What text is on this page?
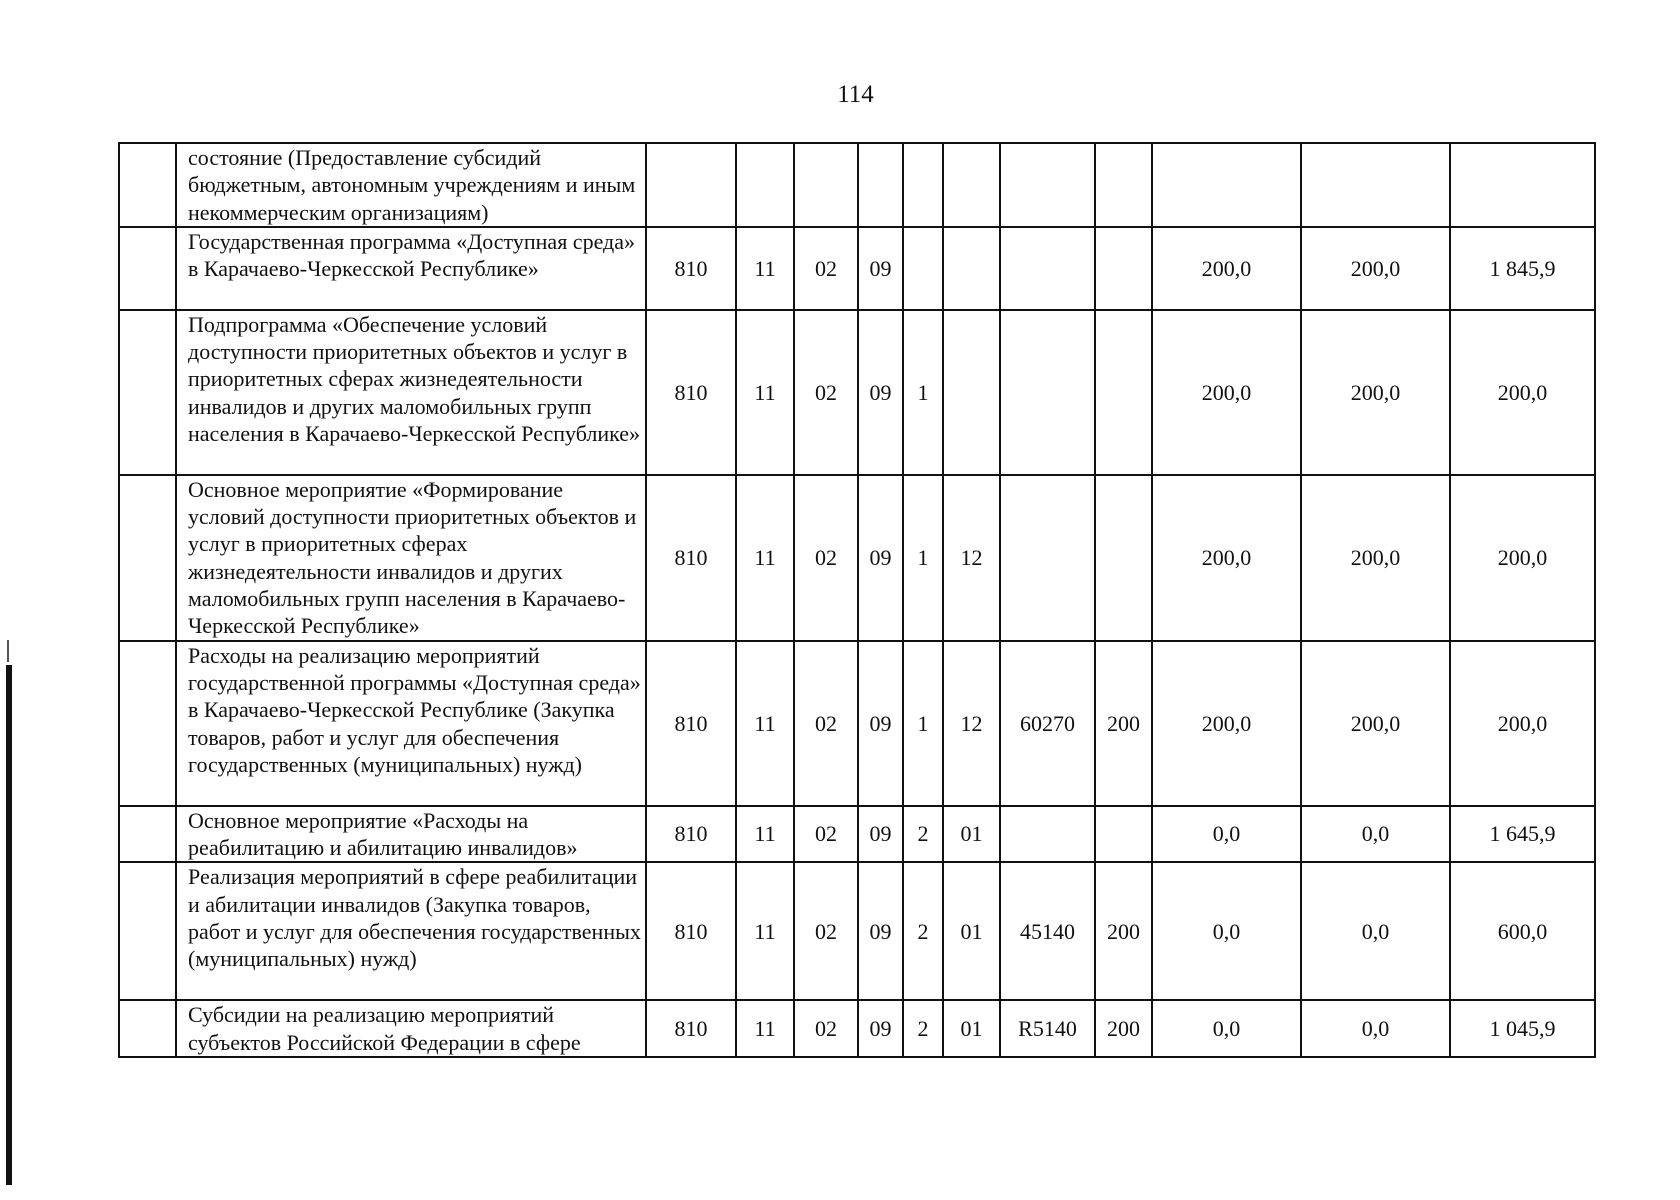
114
	состояние (Предоставление субсидий бюджетным, автономным учреждениям и иным некоммерческим организациям)											
	Государственная программа «Доступная среда» в Карачаево-Черкесской Республике»	810	11	02	09					200,0	200,0	1 845,9
	Подпрограмма «Обеспечение условий доступности приоритетных объектов и услуг в приоритетных сферах жизнедеятельности инвалидов и других маломобильных групп населения в Карачаево-Черкесской Республике»	810	11	02	09	1				200,0	200,0	200,0
	Основное мероприятие «Формирование условий доступности приоритетных объектов и услуг в приоритетных сферах жизнедеятельности инвалидов и других маломобильных групп населения в Карачаево-Черкесской Республике»	810	11	02	09	1	12			200,0	200,0	200,0
	Расходы на реализацию мероприятий государственной программы «Доступная среда» в Карачаево-Черкесской Республике (Закупка товаров, работ и услуг для обеспечения государственных (муниципальных) нужд)	810	11	02	09	1	12	60270	200	200,0	200,0	200,0
	Основное мероприятие «Расходы на реабилитацию и абилитацию инвалидов»	810	11	02	09	2	01			0,0	0,0	1 645,9
	Реализация мероприятий в сфере реабилитации и абилитации инвалидов (Закупка товаров, работ и услуг для обеспечения государственных (муниципальных) нужд)	810	11	02	09	2	01	45140	200	0,0	0,0	600,0
	Субсидии на реализацию мероприятий субъектов Российской Федерации в сфере	810	11	02	09	2	01	R5140	200	0,0	0,0	1 045,9
